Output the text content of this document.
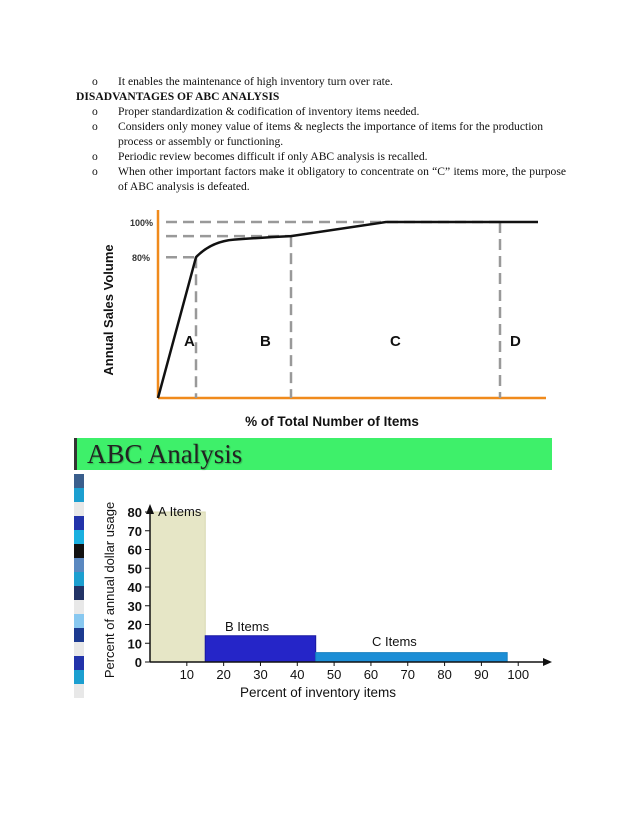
o It enables the maintenance of high inventory turn over rate.

DISADVANTAGES OF ABC ANALYSIS

o Proper standardization & codification of inventory items needed.

o Considers only money value of items & neglects the importance of items for the production process or assembly or functioning.

o Periodic review becomes difficult if only ABC analysis is recalled.

o When other important factors make it obligatory to concentrate on “C” items more, the purpose of ABC analysis is defeated.

100%
80%
A	B	C	D
Annual Sales Volume
% of Total Number of Items
ABC Analysis
0
10
20
30
40
50
60
70
80
10 20 30 40 50 60 70 80 90 100
A Items
B Items
C Items
Percent of annual dollar usage
Percent of inventory items
